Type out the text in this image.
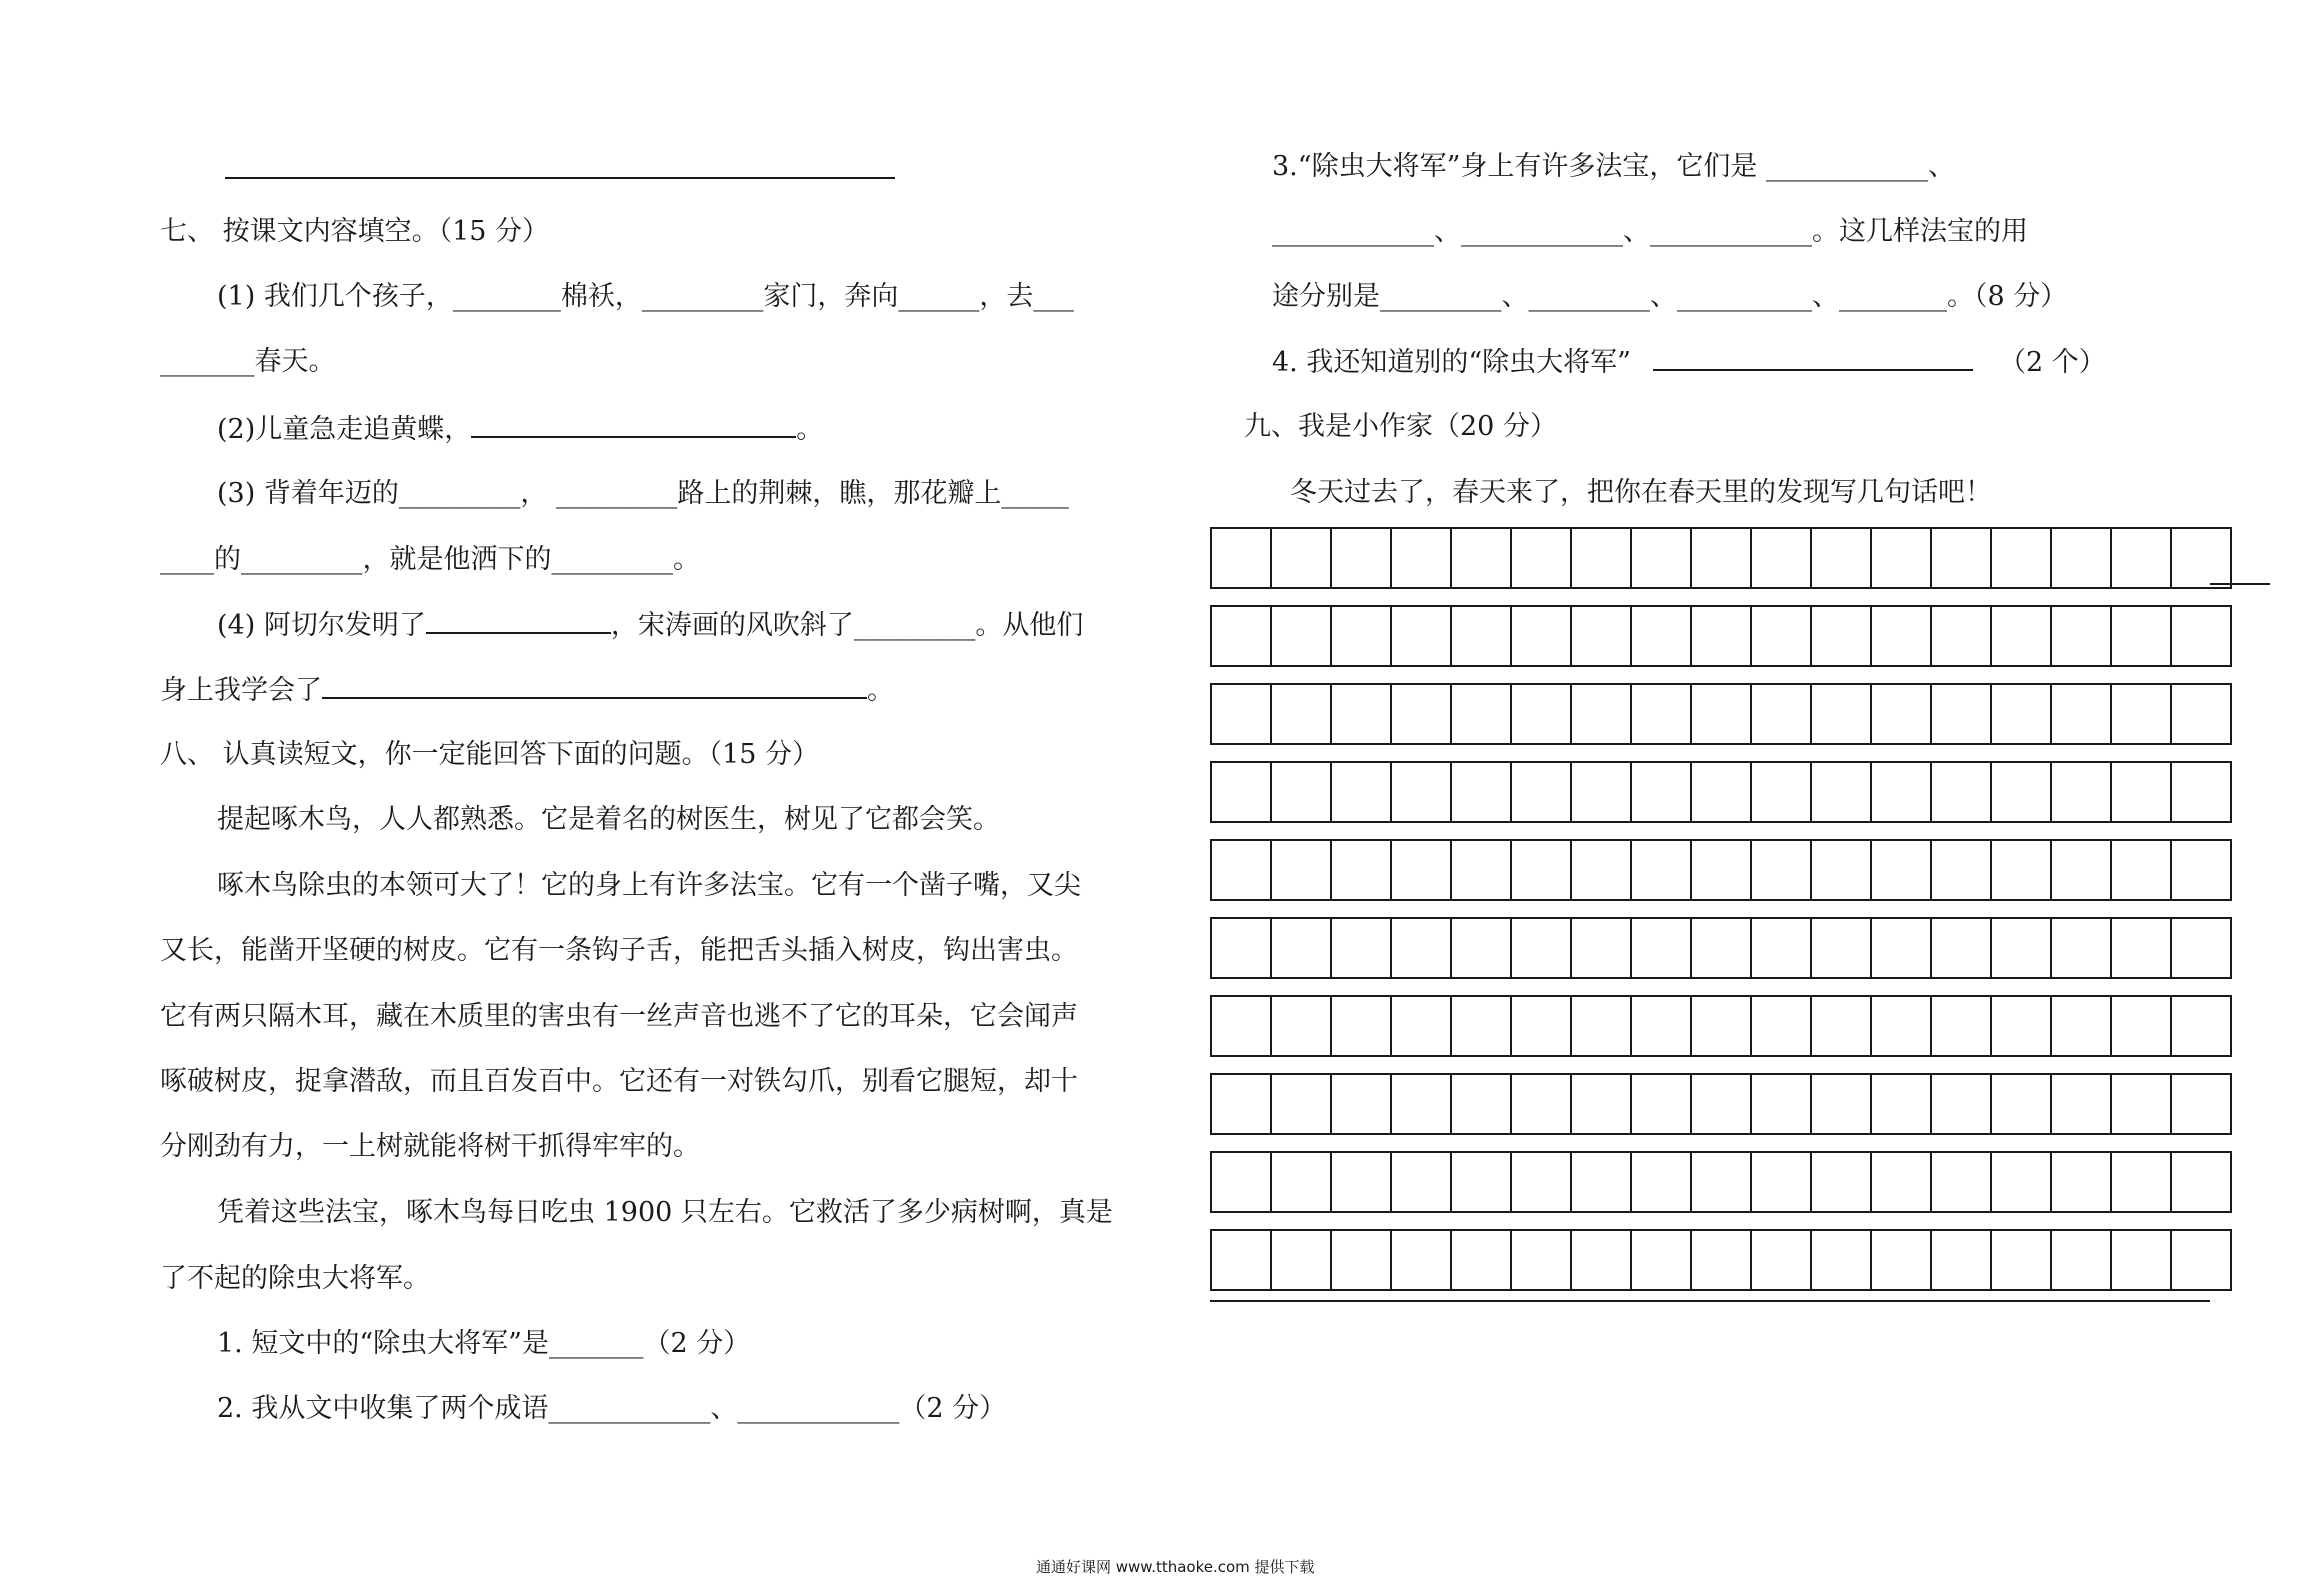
七、 按课文内容填空。（15 分）
(1) 我们几个孩子，________棉袄，_________家门，奔向______，去___
_______春天。
(2)儿童急走追黄蝶，	。
(3) 背着年迈的_________， _________路上的荆棘，瞧，那花瓣上_____
____的_________，就是他洒下的_________。
(4) 阿切尔发明了	，宋涛画的风吹斜了_________。从他们
身上我学会了	。
八、 认真读短文，你一定能回答下面的问题。（15 分）
提起啄木鸟，人人都熟悉。它是着名的树医生，树见了它都会笑。
啄木鸟除虫的本领可大了！它的身上有许多法宝。它有一个凿子嘴，又尖
又长，能凿开坚硬的树皮。它有一条钩子舌，能把舌头插入树皮，钩出害虫。
它有两只隔木耳，藏在木质里的害虫有一丝声音也逃不了它的耳朵，它会闻声
啄破树皮，捉拿潜敌，而且百发百中。它还有一对铁勾爪，别看它腿短，却十
分刚劲有力，一上树就能将树干抓得牢牢的。
凭着这些法宝，啄木鸟每日吃虫 1900 只左右。它救活了多少病树啊，真是
了不起的除虫大将军。
1. 短文中的“除虫大将军”是_______（2 分）
2. 我从文中收集了两个成语____________、____________（2 分）
3.“除虫大将军”身上有许多法宝，它们是 ____________、
____________、____________、____________。这几样法宝的用
途分别是_________、_________、__________、________。（8 分）
4. 我还知道别的“除虫大将军”	（2 个）
九、我是小作家（20 分）
冬天过去了，春天来了，把你在春天里的发现写几句话吧！
通通好课网 www.tthaoke.com 提供下载
